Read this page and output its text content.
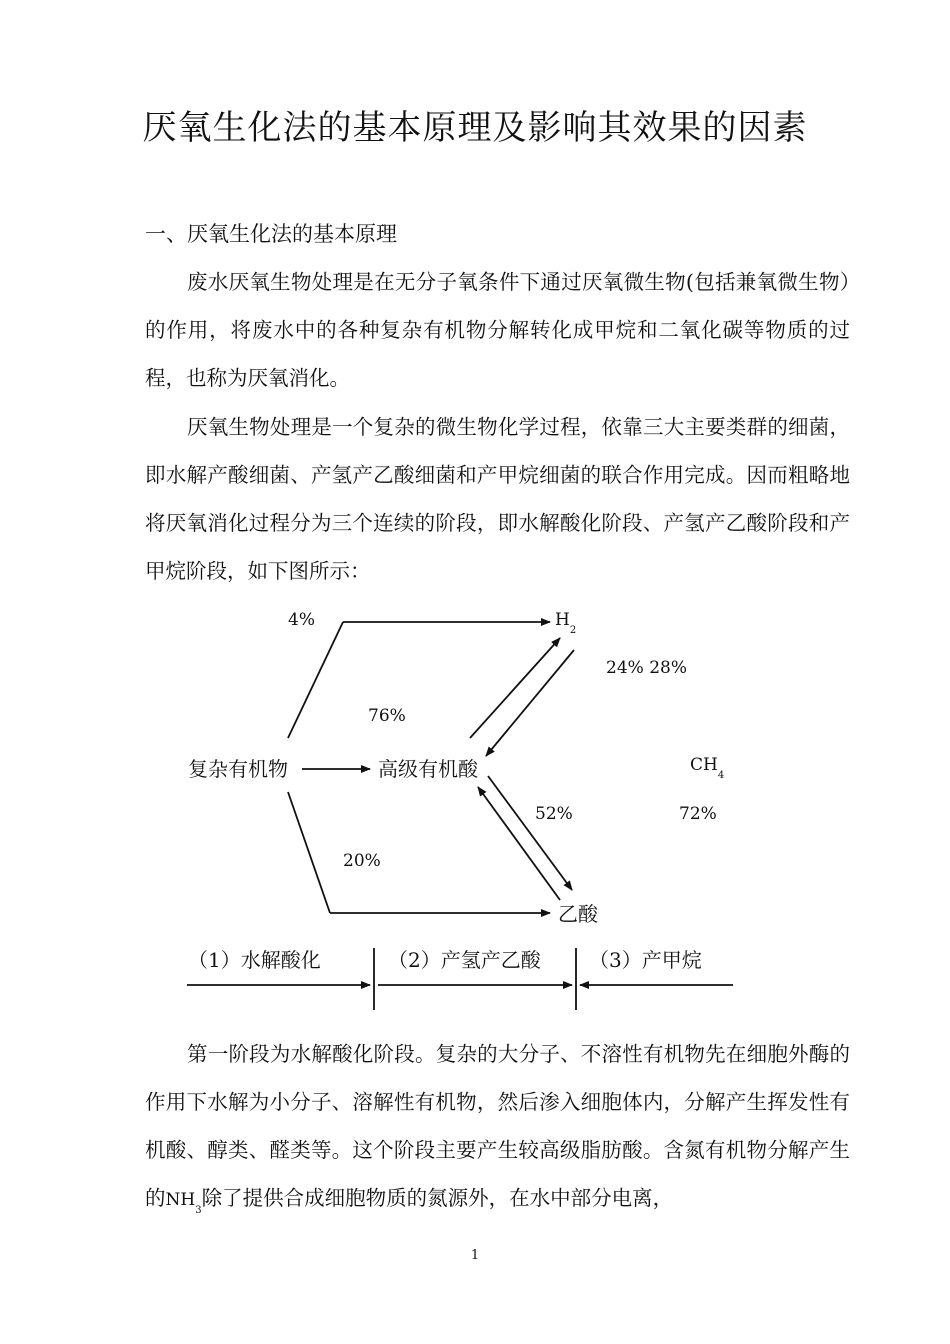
厌氧生化法的基本原理及影响其效果的因素
一、厌氧生化法的基本原理

废水厌氧生物处理是在无分子氧条件下通过厌氧微生物(包括兼氧微生物）的作用，将废水中的各种复杂有机物分解转化成甲烷和二氧化碳等物质的过程，也称为厌氧消化。

厌氧生物处理是一个复杂的微生物化学过程，依靠三大主要类群的细菌，即水解产酸细菌、产氢产乙酸细菌和产甲烷细菌的联合作用完成。因而粗略地将厌氧消化过程分为三个连续的阶段，即水解酸化阶段、产氢产乙酸阶段和产甲烷阶段，如下图所示：

复杂有机物	高级有机酸
$H_2$
$CH_4$
乙酸
4%
76%
20%
24% 28%
52%	72%
（1）水解酸化	（2）产氢产乙酸 （3）产甲烷

第一阶段为水解酸化阶段。复杂的大分子、不溶性有机物先在细胞外酶的作用下水解为小分子、溶解性有机物，然后渗入细胞体内，分解产生挥发性有机酸、醇类、醛类等。这个阶段主要产生较高级脂肪酸。含氮有机物分解产生的$NH_3$除了提供合成细胞物质的氮源外，在水中部分电离，

1
